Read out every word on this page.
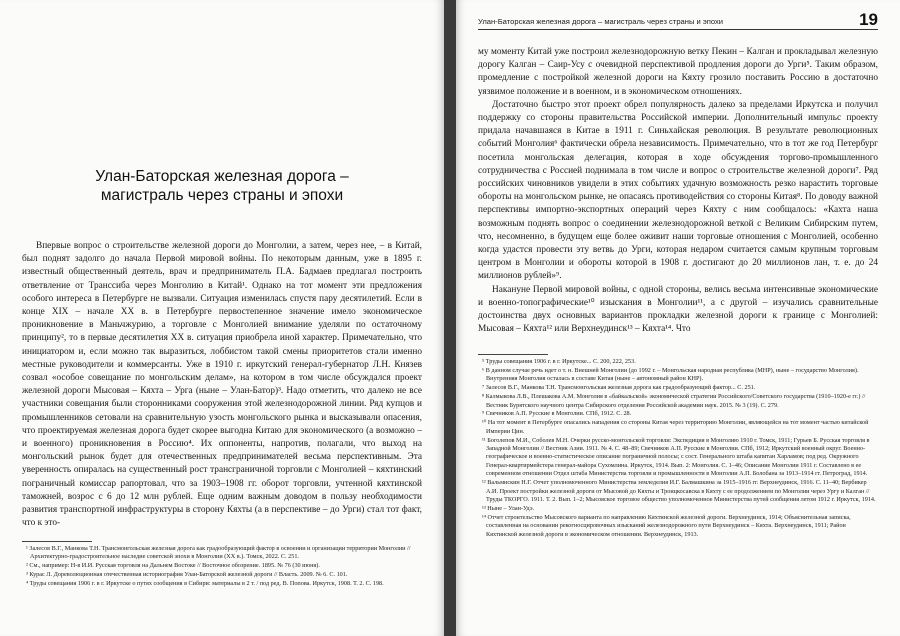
Улан-Баторская железная дорога –
магистраль через страны и эпохи

Впервые вопрос о строительстве железной дороги до Монголии, а затем, через нее, – в Китай, был поднят задолго до начала Первой мировой войны. По некоторым данным, уже в 1895 г. известный общественный деятель, врач и предприниматель П.А. Бадмаев предлагал построить ответвление от Транссиба через Монголию в Китай¹. Однако на тот момент эти предложения особого интереса в Петербурге не вызвали. Ситуация изменилась спустя пару десятилетий. Если в конце XIX – начале XX в. в Петербурге первостепенное значение имело экономическое проникновение в Маньчжурию, а торговле с Монголией внимание уделяли по остаточному принципу², то в первые десятилетия XX в. ситуация приобрела иной характер. Примечательно, что инициатором и, если можно так выразиться, лоббистом такой смены приоритетов стали именно местные руководители и коммерсанты. Уже в 1910 г. иркутский генерал-губернатор Л.Н. Князев созвал «особое совещание по монгольским делам», на котором в том числе обсуждался проект железной дороги Мысовая – Кяхта – Урга (ныне – Улан-Батор)³. Надо отметить, что далеко не все участники совещания были сторонниками сооружения этой железнодорожной линии. Ряд купцов и промышленников сетовали на сравнительную узость монгольского рынка и высказывали опасения, что проектируемая железная дорога будет скорее выгодна Китаю для экономического (а возможно – и военного) проникновения в Россию⁴. Их оппоненты, напротив, полагали, что выход на монгольский рынок будет для отечественных предпринимателей весьма перспективным. Эта уверенность опиралась на существенный рост трансграничной торговли с Монголией – кяхтинский пограничный комиссар рапортовал, что за 1903–1908 гг. оборот торговли, учтенной кяхтинской таможней, возрос с 6 до 12 млн рублей. Еще одним важным доводом в пользу необходимости развития транспортной инфраструктуры в сторону Кяхты (а в перспективе – до Урги) стал тот факт, что к это-

¹ Залесов В.Г., Манкова Т.Н. Трансмонгольская железная дорога как градообразующий фактор в освоении и организации территории Монголии // Архитектурно-градостроительное наследие советской эпохи в Монголии (XX в.). Томск, 2022. С. 251.

² См., например: Н-в И.И. Русская торговля на Дальнем Востоке // Восточное обозрение. 1895. № 76 (30 июня).

³ Курас Л. Дореволюционная отечественная историография Улан-Баторской железной дороги // Власть. 2009. № 6. С. 101.

⁴ Труды совещания 1906 г. в г. Иркутске о путях сообщения в Сибири: материалы в 2 т. / под ред. В. Попова. Иркутск, 1908. Т. 2. С. 198.

Улан-Баторская железная дорога – магистраль через страны и эпохи	19

му моменту Китай уже построил железнодорожную ветку Пекин – Калган и прокладывал железную дорогу Калган – Саир-Усу с очевидной перспективой продления дороги до Урги⁵. Таким образом, промедление с постройкой железной дороги на Кяхту грозило поставить Россию в достаточно уязвимое положение и в военном, и в экономическом отношениях.

Достаточно быстро этот проект обрел популярность далеко за пределами Иркутска и получил поддержку со стороны правительства Российской империи. Дополнительный импульс проекту придала начавшаяся в Китае в 1911 г. Синьхайская революция. В результате революционных событий Монголия⁶ фактически обрела независимость. Примечательно, что в тот же год Петербург посетила монгольская делегация, которая в ходе обсуждения торгово-промышленного сотрудничества с Россией поднимала в том числе и вопрос о строительстве железной дороги⁷. Ряд российских чиновников увидели в этих событиях удачную возможность резко нарастить торговые обороты на монгольском рынке, не опасаясь противодействия со стороны Китая⁸. По доводу важной перспективы импортно-экспортных операций через Кяхту с ним сообщалось: «Кахта наша возможным поднять вопрос о соединении железнодорожной веткой с Великим Сибирским путем, что, несомненно, в будущем еще более оживит наши торговые отношения с Монголией, особенно когда удастся провести эту ветвь до Урги, которая недаром считается самым крупным торговым центром в Монголии и обороты которой в 1908 г. достигают до 20 миллионов лан, т. е. до 24 миллионов рублей»⁹.

Накануне Первой мировой войны, с одной стороны, велись весьма интенсивные экономические и военно-топографические¹⁰ изыскания в Монголии¹¹, а с другой – изучались сравнительные достоинства двух основных вариантов прокладки железной дороги к границе с Монголией: Мысовая – Кяхта¹² или Верхнеудинск¹³ – Кяхта¹⁴. Что

⁵ Труды совещания 1906 г. в г. Иркутске... С. 200, 222, 253.

⁶ В данном случае речь идет о т. н. Внешней Монголии (до 1992 г. – Монгольская народная республика (МНР), ныне – государство Монголия). Внутренняя Монголия осталась в составе Китая (ныне – автономный район КНР).

⁷ Залесов В.Г., Манкова Т.Н. Трансмонгольская железная дорога как градообразующий фактор... С. 251.

⁸ Калмыкова Л.В., Плешакова А.М. Монголия в «байкальской» экономической стратегии Российского/Советского государства (1910–1920-е гг.) // Вестник Бурятского научного центра Сибирского отделения Российской академии наук. 2015. № 3 (19). С. 279.

⁹ Свечников А.П. Русские в Монголии. СПб, 1912. С. 28.

¹⁰ На тот момент в Петербурге опасались нападения со стороны Китая через территорию Монголии, являющейся на тот момент частью китайской Империи Цин.

¹¹ Боголепов М.И., Соболев М.Н. Очерки русско-монгольской торговли: Экспедиция в Монголию 1910 г. Томск, 1911; Гурьев Б. Русская торговля в Западной Монголии // Вестник Азии. 1911. № 4. С. 48–89; Свечников А.П. Русские в Монголии. СПб, 1912; Иркутский военный округ. Военно-географическое и военно-статистическое описание пограничной полосы; с сост. Генерального штаба капитан Харламов; под ред. Окружного Генерал-квартирмейстера генерал-майора Сухомлина. Иркутск, 1914. Вып. 2: Монголия. С. 1–46; Описание Монголии 1911 г. Составлено в ее современном отношении Отдел штаба Министерства торговли и промышленности в Монголии А.П. Болобана за 1913–1914 гг. Петроград, 1914.

¹² Вальмискин Н.Г. Отчет уполномоченного Министерства земледелия И.Г. Балмашкина за 1915–1916 гг. Верхнеудинск, 1916. С. 11–40; Вербикер А.И. Проект постройки железной дороги от Мысовой до Кяхты и Троицкосавска в Кяхту с ее продолжением по Монголии через Ургу и Калган // Труды ТКОРГО. 1911. Т. 2. Вып. 1–2; Мысовское торговое общество уполномоченное Министерства путей сообщения летом 1912 г. Иркутск, 1914.

¹³ Ныне – Улан-Удэ.

¹⁴ Отчет строительство Мысовского варианта по направлению Кяхтинской железной дороги. Верхнеудинск, 1914; Объяснительная записка, составленная на основании рекогносцировочных изысканий железнодорожного пути Верхнеудинск – Кяхта. Верхнеудинск, 1911; Район Кяхтинской железной дороги в экономическом отношении. Верхнеудинск, 1913.
